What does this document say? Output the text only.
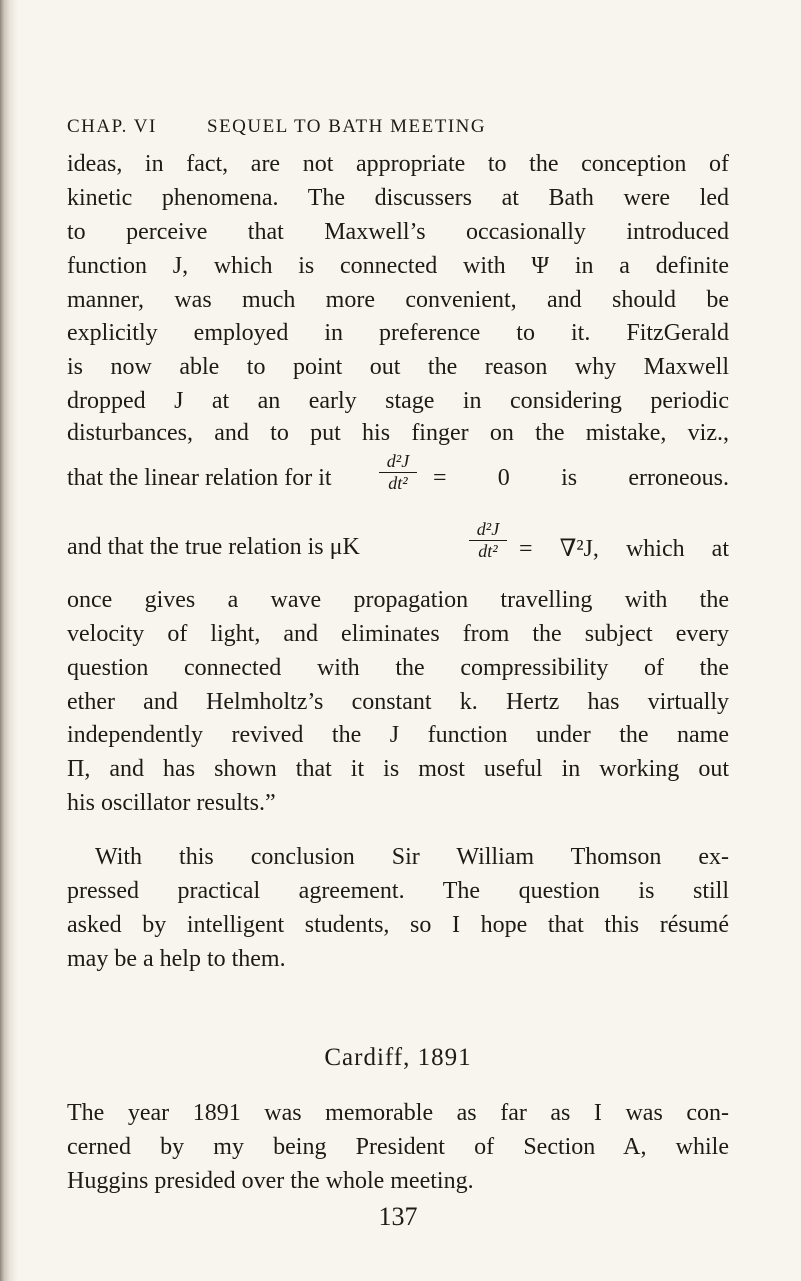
CHAP. VI	SEQUEL TO BATH MEETING
ideas, in fact, are not appropriate to the conception of
kinetic phenomena. The discussers at Bath were led
to perceive that Maxwell’s occasionally introduced
function J, which is connected with Ψ in a definite
manner, was much more convenient, and should be
explicitly employed in preference to it. FitzGerald
is now able to point out the reason why Maxwell
dropped J at an early stage in considering periodic
disturbances, and to put his finger on the mistake, viz.,
that the linear relation for it
d²J
dt²	= 0 is erroneous.
and that the true relation is μK
d²J
dt² = ∇²J, which at
once gives a wave propagation travelling with the
velocity of light, and eliminates from the subject every
question connected with the compressibility of the
ether and Helmholtz’s constant k. Hertz has virtually
independently revived the J function under the name
Π, and has shown that it is most useful in working out
his oscillator results.”
With this conclusion Sir William Thomson ex-
pressed practical agreement. The question is still
asked by intelligent students, so I hope that this résumé
may be a help to them.
Cardiff, 1891
The year 1891 was memorable as far as I was con-
cerned by my being President of Section A, while
Huggins presided over the whole meeting.
137
